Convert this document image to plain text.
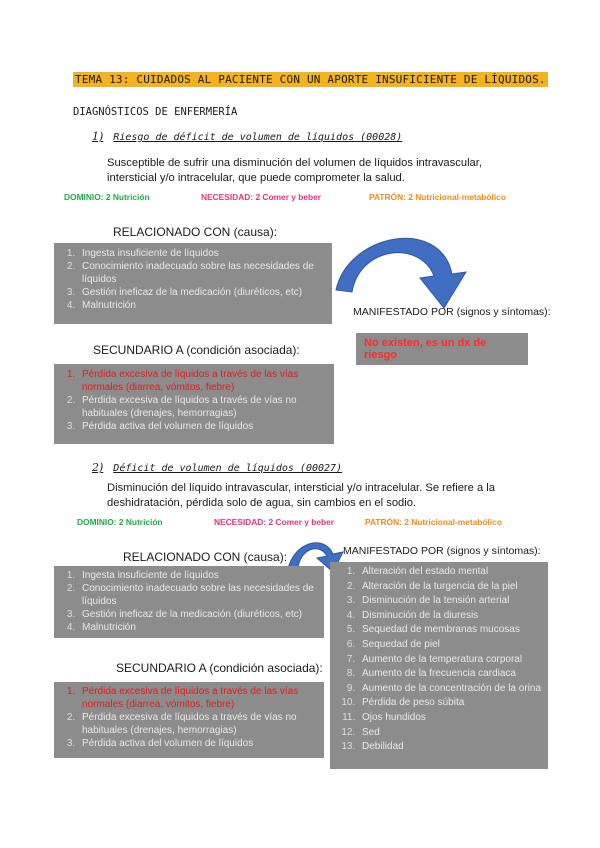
TEMA 13: CUIDADOS AL PACIENTE CON UN APORTE INSUFICIENTE DE LÍQUIDOS.
DIAGNÓSTICOS DE ENFERMERÍA
1) Riesgo de déficit de volumen de líquidos (00028)
Susceptible de sufrir una disminución del volumen de líquidos intravascular, intersticial y/o intracelular, que puede comprometer la salud.
DOMINIO: 2 Nutrición	NECESIDAD: 2 Comer y beber	PATRÓN: 2 Nutricional-metabólico
RELACIONADO CON (causa):
1. Ingesta insuficiente de líquidos
2. Conocimiento inadecuado sobre las necesidades de líquidos
3. Gestión ineficaz de la medicación (diuréticos, etc)
4. Malnutrición
MANIFESTADO POR (signos y síntomas):
No existen, es un dx de riesgo
SECUNDARIO A (condición asociada):
1. Pérdida excesiva de líquidos a través de las vías normales (diarrea, vómitos, fiebre)
2. Pérdida excesiva de líquidos a través de vías no habituales (drenajes, hemorragias)
3. Pérdida activa del volumen de líquidos
2) Déficit de volumen de líquidos (00027)
Disminución del líquido intravascular, intersticial y/o intracelular. Se refiere a la deshidratación, pérdida solo de agua, sin cambios en el sodio.
DOMINIO: 2 Nutrición	NECESIDAD: 2 Comer y beber	PATRÓN: 2 Nutricional-metabólico
RELACIONADO CON (causa):	MANIFESTADO POR (signos y síntomas):
1. Ingesta insuficiente de líquidos
2. Conocimiento inadecuado sobre las necesidades de líquidos
3. Gestión ineficaz de la medicación (diuréticos, etc)
4. Malnutrición
1. Alteración del estado mental
2. Alteración de la turgencia de la piel
3. Disminución de la tensión arterial
4. Disminución de la diuresis
5. Sequedad de membranas mucosas
6. Sequedad de piel
7. Aumento de la temperatura corporal
8. Aumento de la frecuencia cardiaca
9. Aumento de la concentración de la orina
10. Pérdida de peso súbita
11. Ojos hundidos
12. Sed
13. Debilidad
SECUNDARIO A (condición asociada):
1. Pérdida excesiva de líquidos a través de las vías normales (diarrea, vómitos, fiebre)
2. Pérdida excesiva de líquidos a través de vías no habituales (drenajes, hemorragias)
3. Pérdida activa del volumen de líquidos
